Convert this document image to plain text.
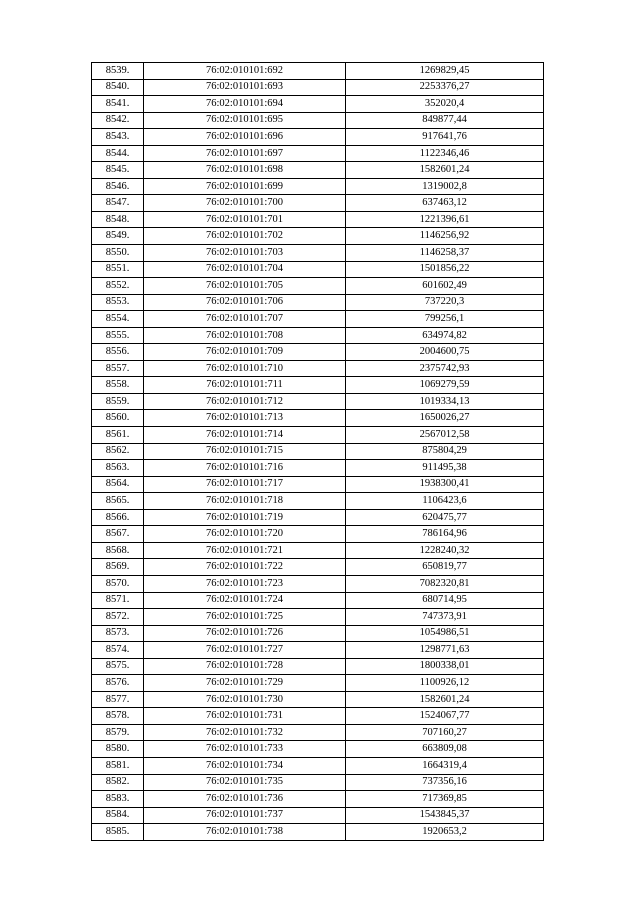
8539.	76:02:010101:692	1269829,45
8540.	76:02:010101:693	2253376,27
8541.	76:02:010101:694	352020,4
8542.	76:02:010101:695	849877,44
8543.	76:02:010101:696	917641,76
8544.	76:02:010101:697	1122346,46
8545.	76:02:010101:698	1582601,24
8546.	76:02:010101:699	1319002,8
8547.	76:02:010101:700	637463,12
8548.	76:02:010101:701	1221396,61
8549.	76:02:010101:702	1146256,92
8550.	76:02:010101:703	1146258,37
8551.	76:02:010101:704	1501856,22
8552.	76:02:010101:705	601602,49
8553.	76:02:010101:706	737220,3
8554.	76:02:010101:707	799256,1
8555.	76:02:010101:708	634974,82
8556.	76:02:010101:709	2004600,75
8557.	76:02:010101:710	2375742,93
8558.	76:02:010101:711	1069279,59
8559.	76:02:010101:712	1019334,13
8560.	76:02:010101:713	1650026,27
8561.	76:02:010101:714	2567012,58
8562.	76:02:010101:715	875804,29
8563.	76:02:010101:716	911495,38
8564.	76:02:010101:717	1938300,41
8565.	76:02:010101:718	1106423,6
8566.	76:02:010101:719	620475,77
8567.	76:02:010101:720	786164,96
8568.	76:02:010101:721	1228240,32
8569.	76:02:010101:722	650819,77
8570.	76:02:010101:723	7082320,81
8571.	76:02:010101:724	680714,95
8572.	76:02:010101:725	747373,91
8573.	76:02:010101:726	1054986,51
8574.	76:02:010101:727	1298771,63
8575.	76:02:010101:728	1800338,01
8576.	76:02:010101:729	1100926,12
8577.	76:02:010101:730	1582601,24
8578.	76:02:010101:731	1524067,77
8579.	76:02:010101:732	707160,27
8580.	76:02:010101:733	663809,08
8581.	76:02:010101:734	1664319,4
8582.	76:02:010101:735	737356,16
8583.	76:02:010101:736	717369,85
8584.	76:02:010101:737	1543845,37
8585.	76:02:010101:738	1920653,2
